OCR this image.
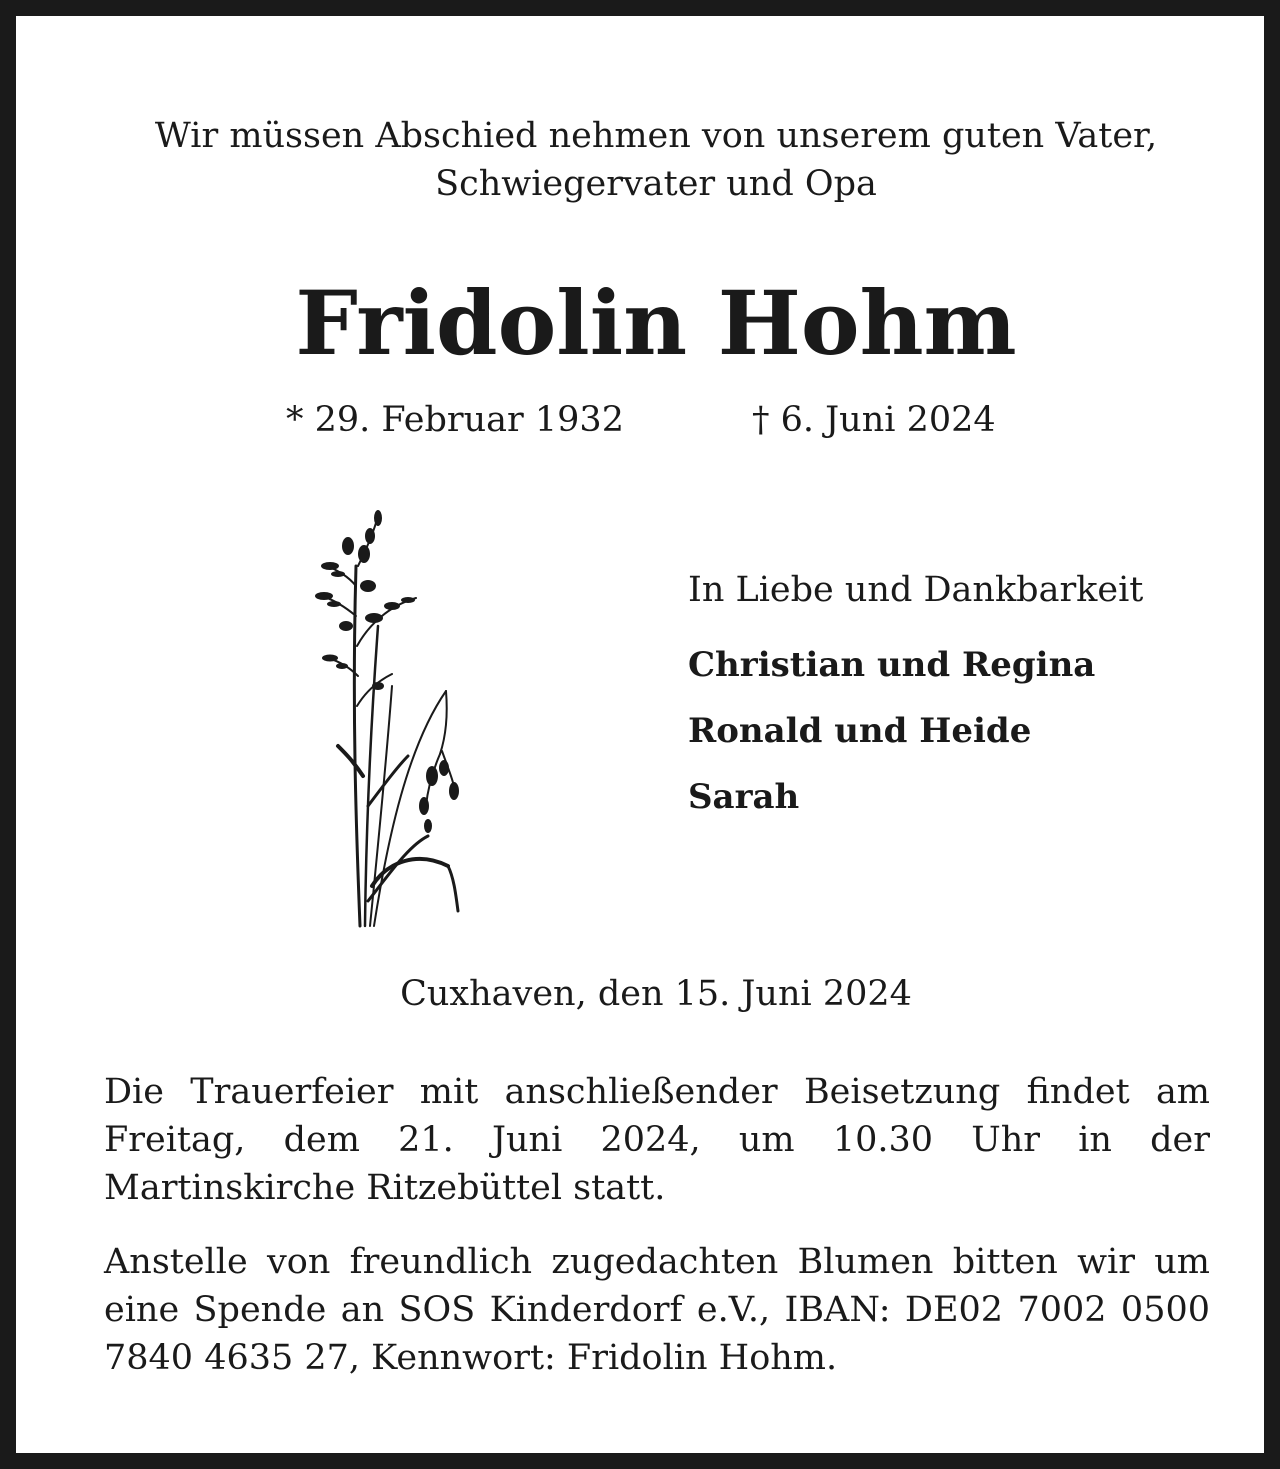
Wir müssen Abschied nehmen von unserem guten Vater,
Schwiegervater und Opa
Fridolin Hohm
* 29. Februar 1932	† 6. Juni 2024
In Liebe und Dankbarkeit
Christian und Regina
Ronald und Heide
Sarah
Cuxhaven, den 15. Juni 2024
Die Trauerfeier mit anschließender Beisetzung findet am Freitag, dem 21. Juni 2024, um 10.30 Uhr in der Martinskirche Ritzebüttel statt.
Anstelle von freundlich zugedachten Blumen bitten wir um eine Spende an SOS Kinderdorf e.V., IBAN: DE02 7002 0500 7840 4635 27, Kennwort: Fridolin Hohm.
